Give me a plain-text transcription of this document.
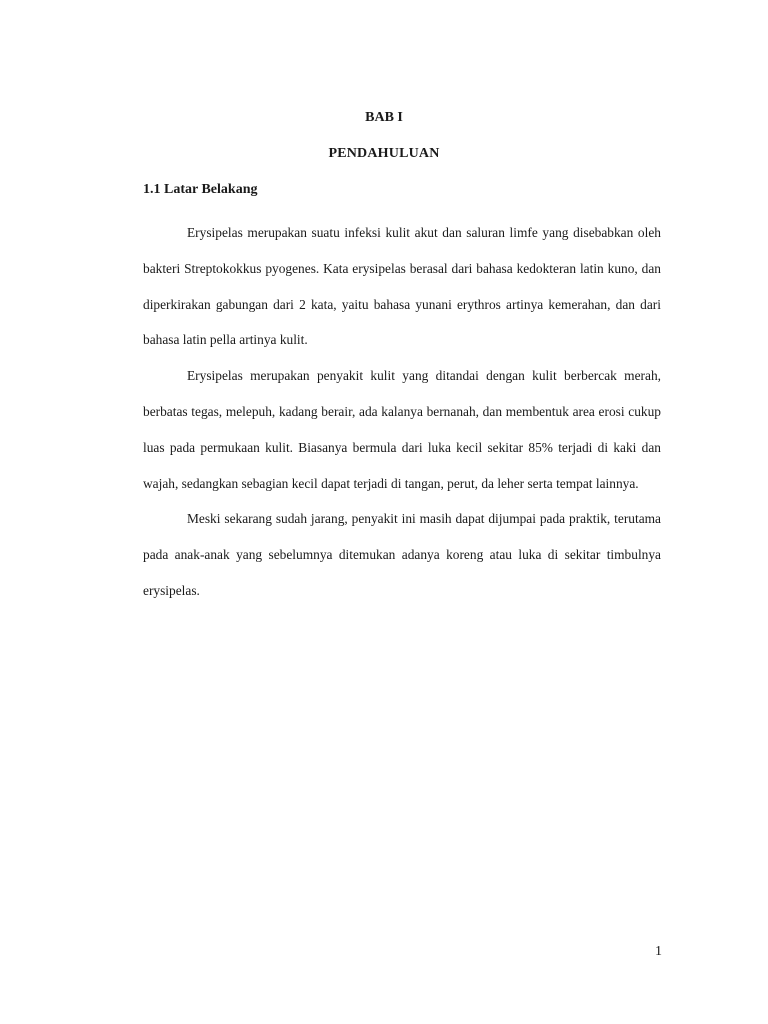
BAB I
PENDAHULUAN
1.1 Latar Belakang

Erysipelas merupakan suatu infeksi kulit akut dan saluran limfe yang disebabkan oleh bakteri Streptokokkus pyogenes. Kata erysipelas berasal dari bahasa kedokteran latin kuno, dan diperkirakan gabungan dari 2 kata, yaitu bahasa yunani erythros artinya kemerahan, dan dari bahasa latin pella artinya kulit.

Erysipelas merupakan penyakit kulit yang ditandai dengan kulit berbercak merah, berbatas tegas, melepuh, kadang berair, ada kalanya bernanah, dan membentuk area erosi cukup luas pada permukaan kulit. Biasanya bermula dari luka kecil sekitar 85% terjadi di kaki dan wajah, sedangkan sebagian kecil dapat terjadi di tangan, perut, da leher serta tempat lainnya.

Meski sekarang sudah jarang, penyakit ini masih dapat dijumpai pada praktik, terutama pada anak-anak yang sebelumnya ditemukan adanya koreng atau luka di sekitar timbulnya erysipelas.

1
